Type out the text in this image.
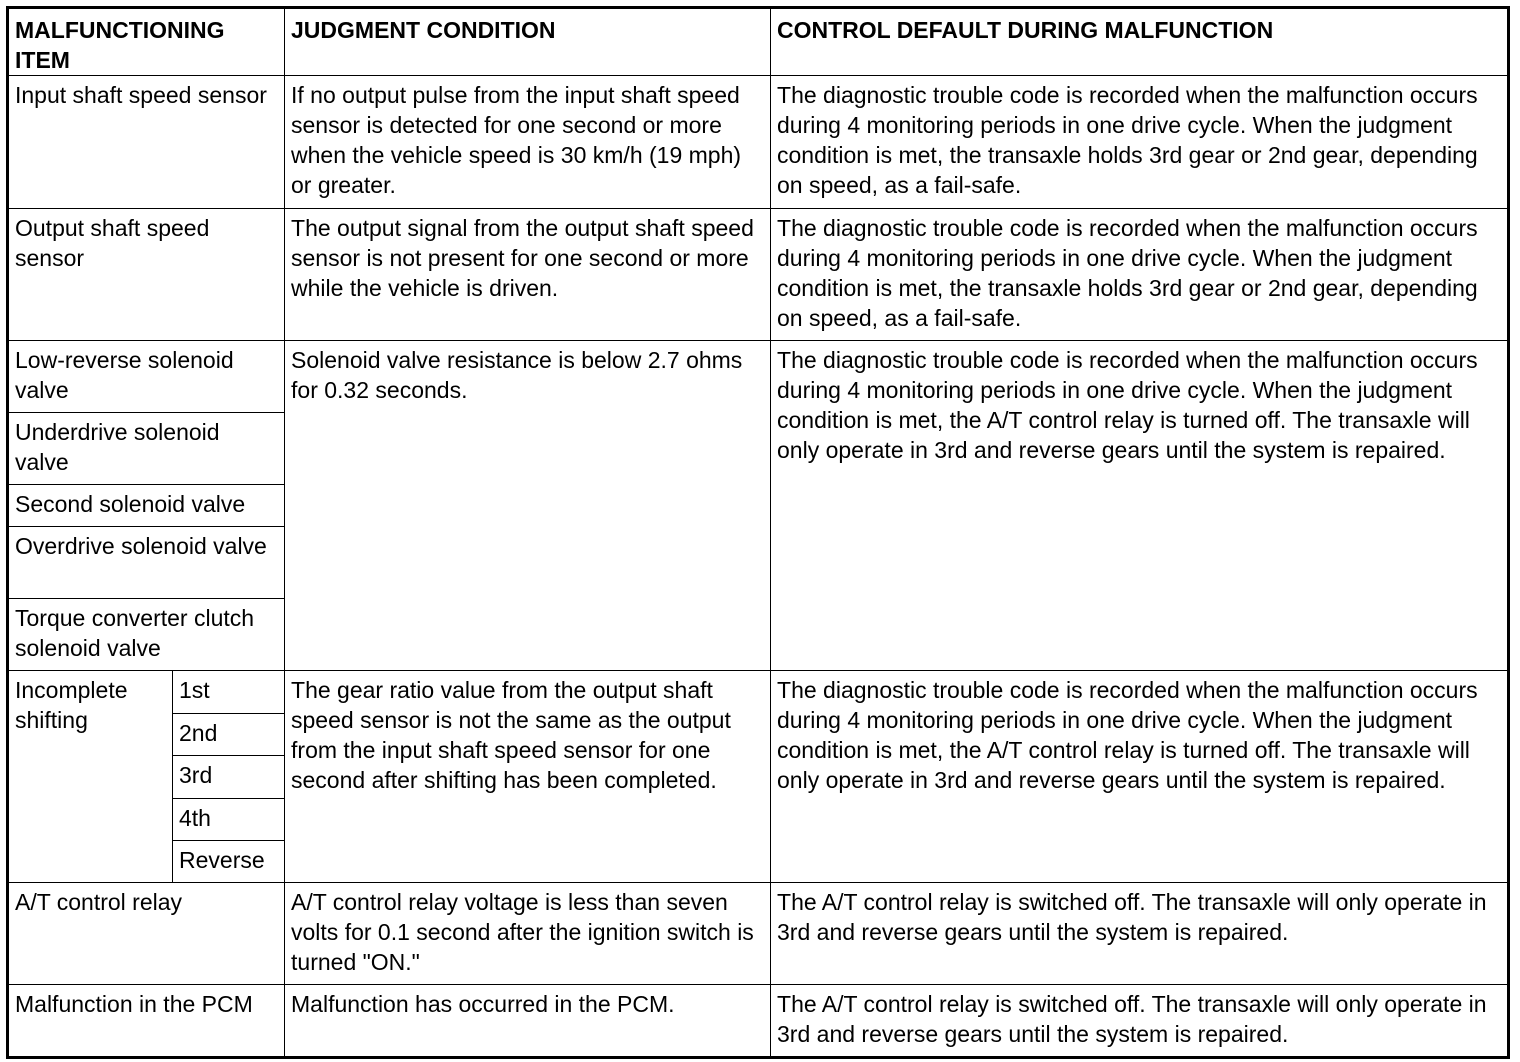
MALFUNCTIONING ITEM		JUDGMENT CONDITION	CONTROL DEFAULT DURING MALFUNCTION
Input shaft speed sensor		If no output pulse from the input shaft speed sensor is detected for one second or more when the vehicle speed is 30 km/h (19 mph) or greater.	The diagnostic trouble code is recorded when the malfunction occurs during 4 monitoring periods in one drive cycle. When the judgment condition is met, the transaxle holds 3rd gear or 2nd gear, depending on speed, as a fail-safe.
Output shaft speed sensor		The output signal from the output shaft speed sensor is not present for one second or more while the vehicle is driven.	The diagnostic trouble code is recorded when the malfunction occurs during 4 monitoring periods in one drive cycle. When the judgment condition is met, the transaxle holds 3rd gear or 2nd gear, depending on speed, as a fail-safe.
Low-reverse solenoid valve		Solenoid valve resistance is below 2.7 ohms for 0.32 seconds.	The diagnostic trouble code is recorded when the malfunction occurs during 4 monitoring periods in one drive cycle. When the judgment condition is met, the A/T control relay is turned off. The transaxle will only operate in 3rd and reverse gears until the system is repaired.
Underdrive solenoid valve			
Second solenoid valve			
Overdrive solenoid valve			
Torque converter clutch solenoid valve			
Incomplete shifting	1st	The gear ratio value from the output shaft speed sensor is not the same as the output from the input shaft speed sensor for one second after shifting has been completed.	The diagnostic trouble code is recorded when the malfunction occurs during 4 monitoring periods in one drive cycle. When the judgment condition is met, the A/T control relay is turned off. The transaxle will only operate in 3rd and reverse gears until the system is repaired.
	2nd		
	3rd		
	4th		
	Reverse		
A/T control relay		A/T control relay voltage is less than seven volts for 0.1 second after the ignition switch is turned "ON."	The A/T control relay is switched off. The transaxle will only operate in 3rd and reverse gears until the system is repaired.
Malfunction in the PCM		Malfunction has occurred in the PCM.	The A/T control relay is switched off. The transaxle will only operate in 3rd and reverse gears until the system is repaired.
